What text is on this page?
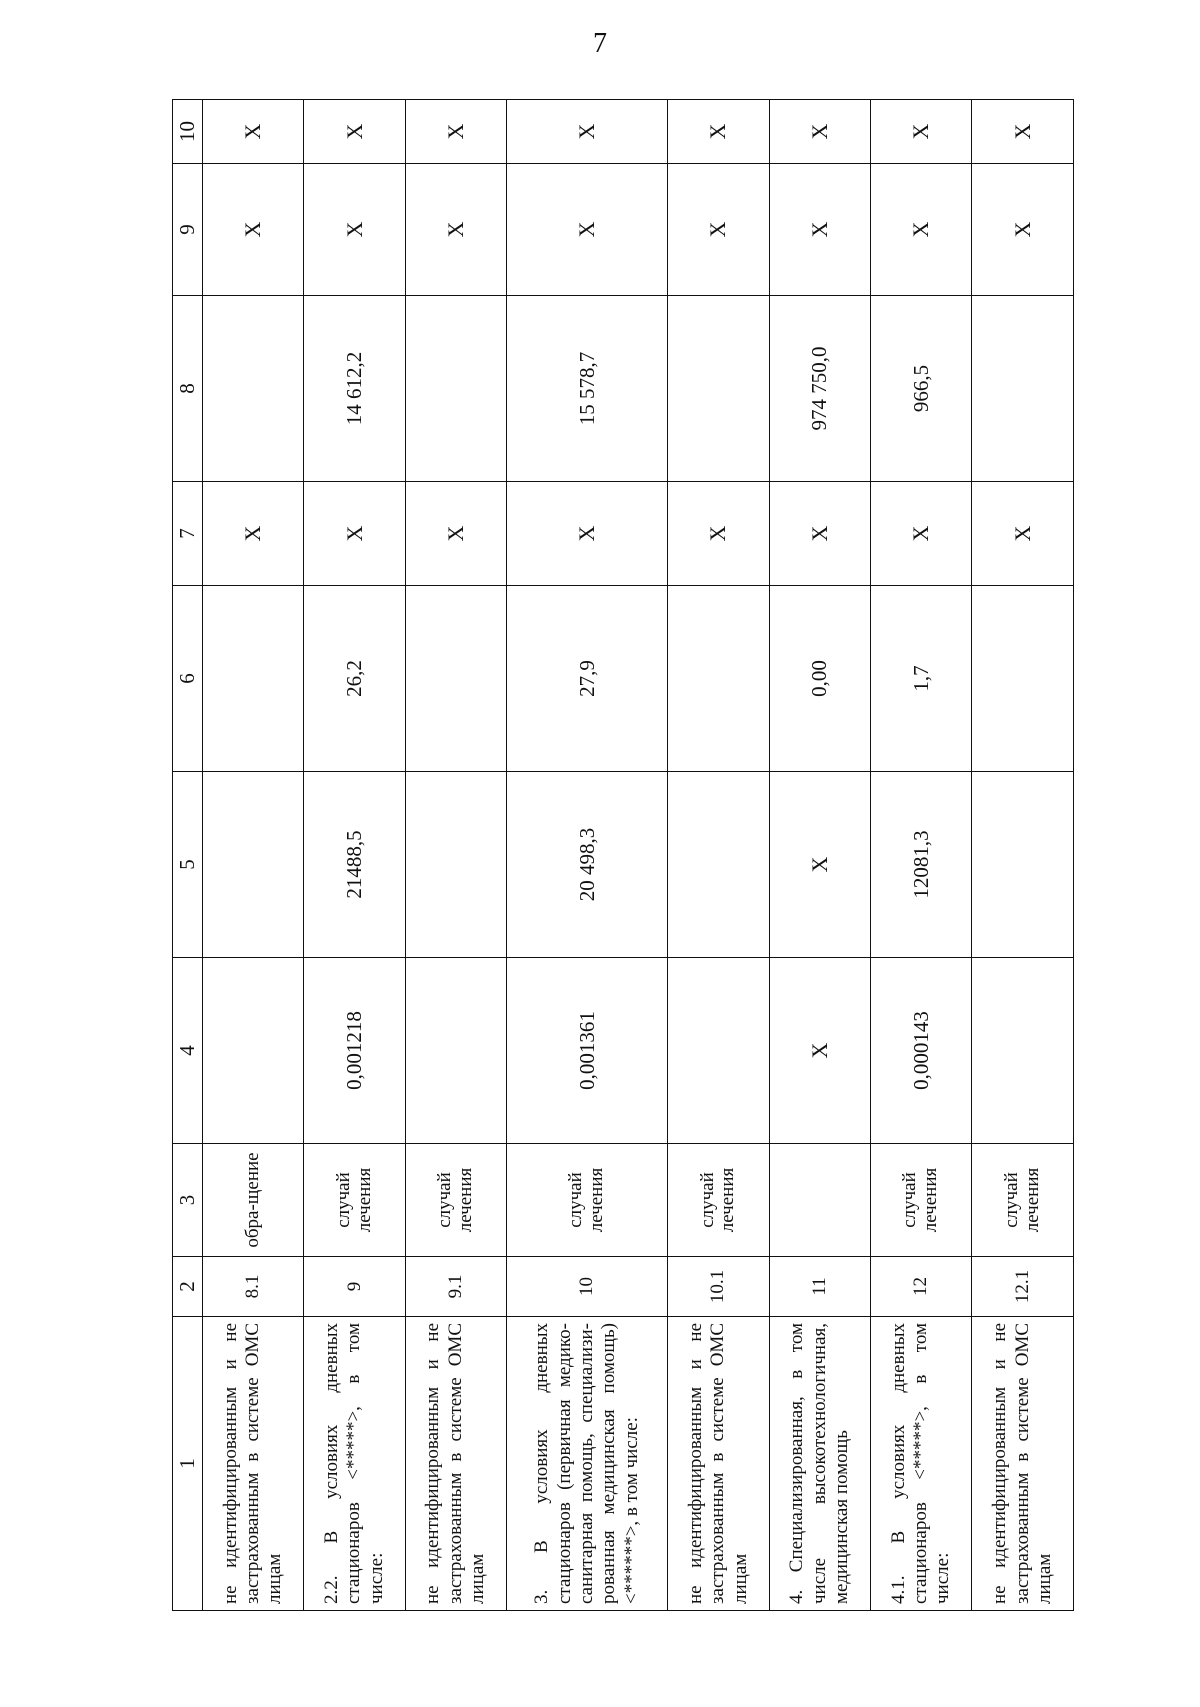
7
1	2	3	4	5	6	7	8	9	10
не идентифицированным и не застрахованным в системе ОМС лицам	8.1	обра-щение				X		X	X
2.2. В условиях дневных стационаров <*****>, в том числе:	9	случай лечения	0,001218	21488,5	26,2	X	14 612,2	X	X
не идентифицированным и не застрахованным в системе ОМС лицам	9.1	случай лечения				X		X	X
3. В условиях дневных стационаров (первичная медико-санитарная помощь, специализи-рованная медицинская помощь) <******>, в том числе:	10	случай лечения	0,001361	20 498,3	27,9	X	15 578,7	X	X
не идентифицированным и не застрахованным в системе ОМС лицам	10.1	случай лечения				X		X	X
4. Специализированная, в том числе высокотехнологичная, медицинская помощь	11		X	X	0,00	X	974 750,0	X	X
4.1. В условиях дневных стационаров <*****>, в том числе:	12	случай лечения	0,000143	12081,3	1,7	X	966,5	X	X
не идентифицированным и не застрахованным в системе ОМС лицам	12.1	случай лечения				X		X	X
